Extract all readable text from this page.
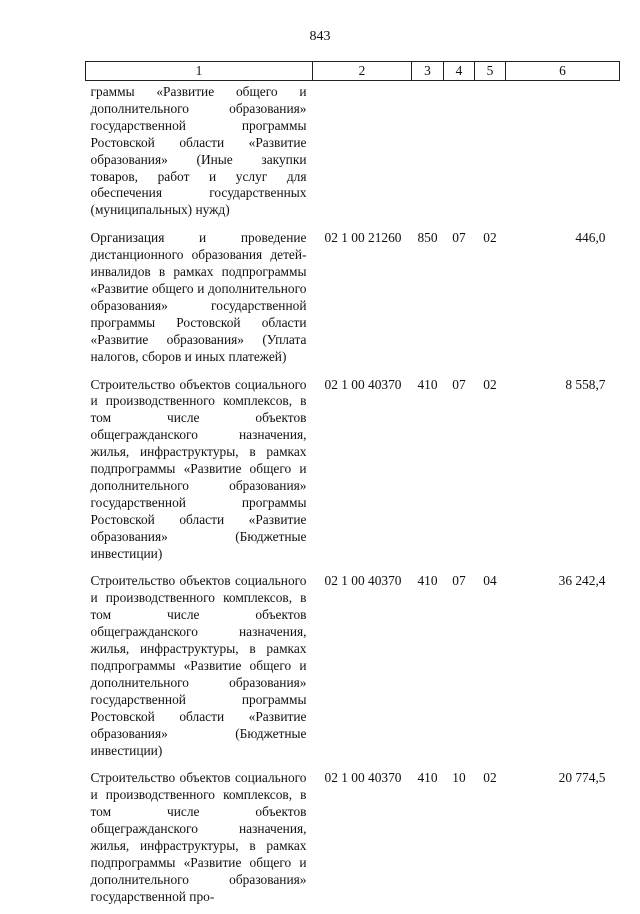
843
1	2	3	4	5	6

граммы «Развитие общего и дополнительного образования» государственной программы Ростовской области «Развитие образования» (Иные закупки товаров, работ и услуг для обеспечения государственных (муниципальных) нужд)					

Организация и проведение дистанционного образования детей-инвалидов в рамках подпрограммы «Развитие общего и дополнительного образования» государственной программы Ростовской области «Развитие образования» (Уплата налогов, сборов и иных платежей)	02 1 00 21260	850	07	02	446,0

Строительство объектов социального и производственного комплексов, в том числе объектов общегражданского назначения, жилья, инфраструктуры, в рамках подпрограммы «Развитие общего и дополнительного образования» государственной программы Ростовской области «Развитие образования» (Бюджетные инвестиции)	02 1 00 40370	410	07	02	8 558,7

Строительство объектов социального и производственного комплексов, в том числе объектов общегражданского назначения, жилья, инфраструктуры, в рамках подпрограммы «Развитие общего и дополнительного образования» государственной программы Ростовской области «Развитие образования» (Бюджетные инвестиции)	02 1 00 40370	410	07	04	36 242,4

Строительство объектов социального и производственного комплексов, в том числе объектов общегражданского назначения, жилья, инфраструктуры, в рамках подпрограммы «Развитие общего и дополнительного образования» государственной про-	02 1 00 40370	410	10	02	20 774,5
